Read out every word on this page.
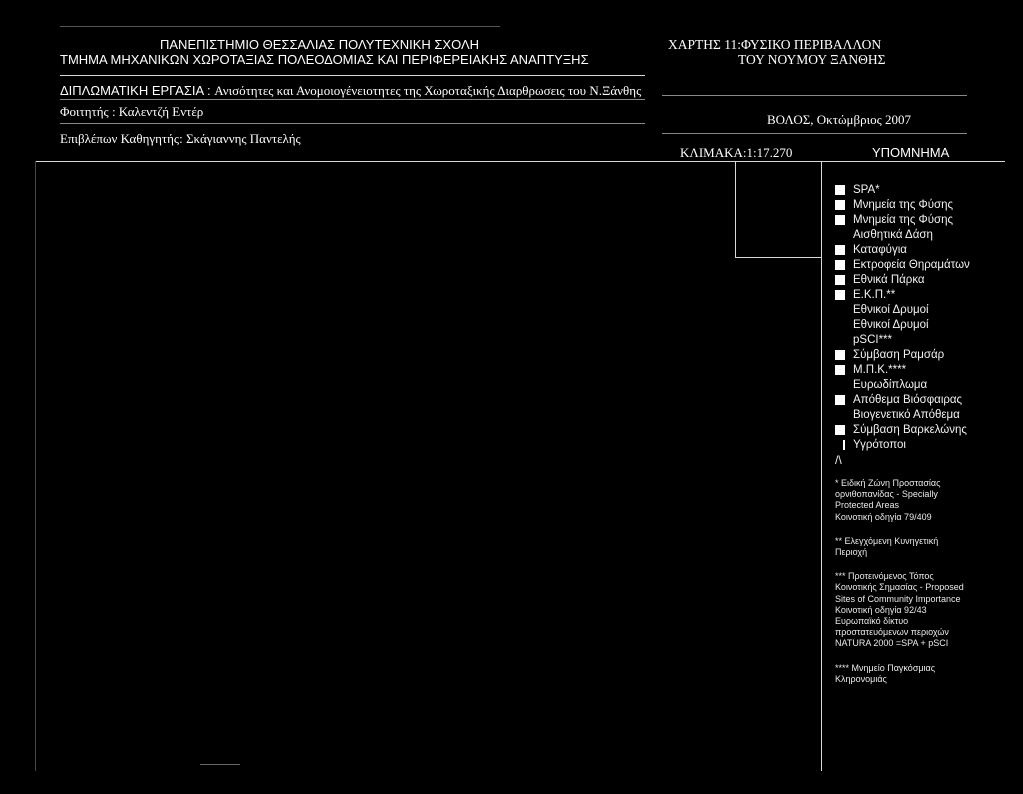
ΠΑΝΕΠΙΣΤΗΜΙΟ ΘΕΣΣΑΛΙΑΣ ΠΟΛΥΤΕΧΝΙΚΗ ΣΧΟΛΗ
ΤΜΗΜΑ ΜΗΧΑΝΙΚΩΝ ΧΩΡΟΤΑΞΙΑΣ ΠΟΛΕΟΔΟΜΙΑΣ ΚΑΙ ΠΕΡΙΦΕΡΕΙΑΚΗΣ ΑΝΑΠΤΥΞΗΣ
ΧΑΡΤΗΣ 11:ΦΥΣΙΚΟ ΠΕΡΙΒΑΛΛΟΝ
ΤΟΥ ΝΟΥΜΟΥ ΞΑΝΘΗΣ
ΔΙΠΛΩΜΑΤΙΚΗ ΕΡΓΑΣΙΑ : Ανισότητες και Ανομοιογένειοτητες της Χωροταξικής Διαρθρωσεις του Ν.Ξάνθης
Φοιτητής : Καλεντζή Εντέρ
Επιβλέπων Καθηγητής: Σκάγιαννης Παντελής
ΒΟΛΟΣ, Οκτώμβριος 2007
ΚΛΙΜΑΚΑ:1:17.270	ΥΠΟΜΝΗΜΑ
SPA*
Μνημεία της Φύσης
Μνημεία της Φύσης
Αισθητικά Δάση
Καταφύγια
Εκτροφεία Θηραμάτων
Εθνικά Πάρκα
Ε.Κ.Π.**
Εθνικοί Δρυμοί
Εθνικοί Δρυμοί
pSCI***
Σύμβαση Ραμσάρ
Μ.Π.Κ.****
Ευρωδίπλωμα
Απόθεμα Βιόσφαιρας
Βιογενετικό Απόθεμα
Σύμβαση Βαρκελώνης
Υγρότοποι
/\
* Ειδική Ζώνη Προστασίας
ορνιθοπανίδας - Specially
Protected Areas
Κοινοτική οδηγία 79/409
** Ελεγχόμενη Κυνηγετική
Περιοχή
*** Προτεινόμενος Τόπος
Κοινοτικής Σημασίας - Proposed
Sites of Community Importance
Κοινοτική οδηγία 92/43
Ευρωπαϊκό δίκτυο
προστατευόμενων περιοχών
NATURA 2000 =SPA + pSCI
**** Μνημείο Παγκόσμιας
Κληρονομιάς
